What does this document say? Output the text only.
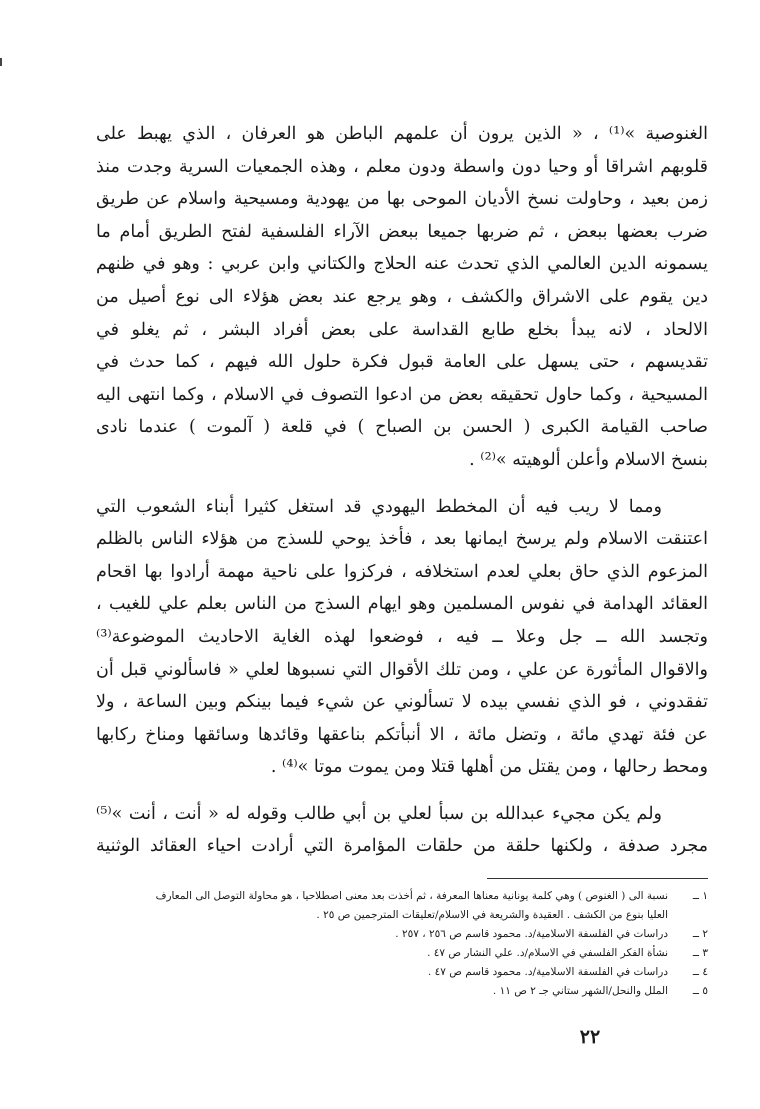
الغنوصية »⁽¹⁾ ، « الذين يرون أن علمهم الباطن هو العرفان ، الذي يهبط على
قلوبهم اشراقا أو وحيا دون واسطة ودون معلم ، وهذه الجمعيات السرية وجدت منذ
زمن بعيد ، وحاولت نسخ الأديان الموحى بها من يهودية ومسيحية واسلام عن طريق
ضرب بعضها ببعض ، ثم ضربها جميعا ببعض الآراء الفلسفية لفتح الطريق أمام ما
يسمونه الدين العالمي الذي تحدث عنه الحلاج والكتاني وابن عربي : وهو في ظنهم
دين يقوم على الاشراق والكشف ، وهو يرجع عند بعض هؤلاء الى نوع أصيل من
الالحاد ، لانه يبدأ بخلع طابع القداسة على بعض أفراد البشر ، ثم يغلو في
تقديسهم ، حتى يسهل على العامة قبول فكرة حلول الله فيهم ، كما حدث في
المسيحية ، وكما حاول تحقيقه بعض من ادعوا التصوف في الاسلام ، وكما انتهى اليه
صاحب القيامة الكبرى ( الحسن بن الصباح ) في قلعة ( آلموت ) عندما نادى
بنسخ الاسلام وأعلن ألوهيته »⁽²⁾ .
ومما لا ريب فيه أن المخطط اليهودي قد استغل كثيرا أبناء الشعوب التي
اعتنقت الاسلام ولم يرسخ ايمانها بعد ، فأخذ يوحي للسذج من هؤلاء الناس بالظلم
المزعوم الذي حاق بعلي لعدم استخلافه ، فركزوا على ناحية مهمة أرادوا بها اقحام
العقائد الهدامة في نفوس المسلمين وهو ايهام السذج من الناس بعلم علي للغيب ،
وتجسد الله ــ جل وعلا ــ فيه ، فوضعوا لهذه الغاية الاحاديث الموضوعة⁽³⁾
والاقوال المأثورة عن علي ، ومن تلك الأقوال التي نسبوها لعلي « فاسألوني قبل أن
تفقدوني ، فو الذي نفسي بيده لا تسألوني عن شيء فيما بينكم وبين الساعة ، ولا
عن فئة تهدي مائة ، وتضل مائة ، الا أنبأتكم بناعقها وقائدها وسائقها ومناخ ركابها
ومحط رحالها ، ومن يقتل من أهلها قتلا ومن يموت موتا »⁽⁴⁾ .
ولم يكن مجيء عبدالله بن سبأ لعلي بن أبي طالب وقوله له « أنت ، أنت »⁽⁵⁾
مجرد صدفة ، ولكنها حلقة من حلقات المؤامرة التي أرادت احياء العقائد الوثنية
١ ــ
نسبة الى ( الغنوص ) وهي كلمة يونانية معناها المعرفة ، ثم أخذت بعد معنى اصطلاحيا ، هو محاولة التوصل الى المعارف
العليا بنوع من الكشف . العقيدة والشريعة في الاسلام/تعليقات المترجمين ص ٢٥ .
٢ ــ
دراسات في الفلسفة الاسلامية/د. محمود قاسم ص ٢٥٦ ، ٢٥٧ .
٣ ــ
نشأة الفكر الفلسفي في الاسلام/د. علي النشار ص ٤٧ .
٤ ــ
دراسات في الفلسفة الاسلامية/د. محمود قاسم ص ٤٧ .
٥ ــ
الملل والنحل/الشهر ستاني جـ ٢ ص ١١ .
٢٢
